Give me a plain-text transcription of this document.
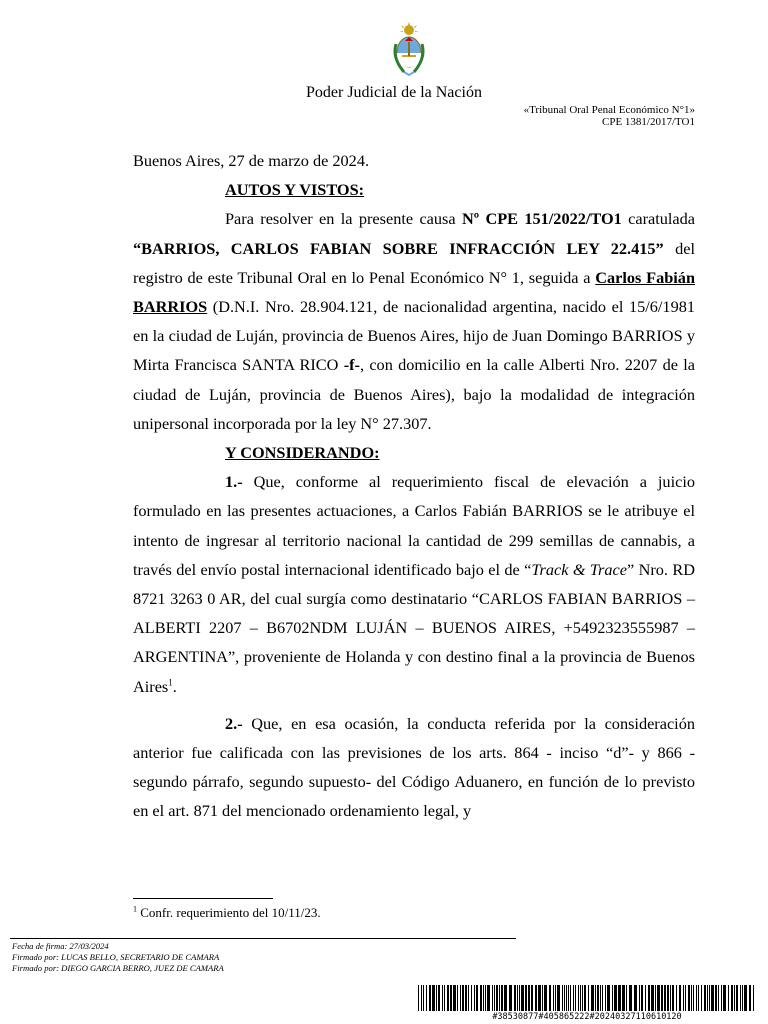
Poder Judicial de la Nación
«Tribunal Oral Penal Económico N°1»
CPE 1381/2017/TO1

Buenos Aires, 27 de marzo de 2024.

AUTOS Y VISTOS:

Para resolver en la presente causa Nº CPE 151/2022/TO1 caratulada “BARRIOS, CARLOS FABIAN SOBRE INFRACCIÓN LEY 22.415” del registro de este Tribunal Oral en lo Penal Económico N° 1, seguida a Carlos Fabián BARRIOS (D.N.I. Nro. 28.904.121, de nacionalidad argentina, nacido el 15/6/1981 en la ciudad de Luján, provincia de Buenos Aires, hijo de Juan Domingo BARRIOS y Mirta Francisca SANTA RICO -f-, con domicilio en la calle Alberti Nro. 2207 de la ciudad de Luján, provincia de Buenos Aires), bajo la modalidad de integración unipersonal incorporada por la ley N° 27.307.

Y CONSIDERANDO:

1.- Que, conforme al requerimiento fiscal de elevación a juicio formulado en las presentes actuaciones, a Carlos Fabián BARRIOS se le atribuye el intento de ingresar al territorio nacional la cantidad de 299 semillas de cannabis, a través del envío postal internacional identificado bajo el de “Track & Trace” Nro. RD 8721 3263 0 AR, del cual surgía como destinatario “CARLOS FABIAN BARRIOS – ALBERTI 2207 – B6702NDM LUJÁN – BUENOS AIRES, +5492323555987 – ARGENTINA”, proveniente de Holanda y con destino final a la provincia de Buenos Aires$^1$.

2.- Que, en esa ocasión, la conducta referida por la consideración anterior fue calificada con las previsiones de los arts. 864 - inciso “d”- y 866 -segundo párrafo, segundo supuesto- del Código Aduanero, en función de lo previsto en el art. 871 del mencionado ordenamiento legal, y

$^1$ Confr. requerimiento del 10/11/23.
Fecha de firma: 27/03/2024
Firmado por: LUCAS BELLO, SECRETARIO DE CAMARA
Firmado por: DIEGO GARCIA BERRO, JUEZ DE CAMARA
#38530877#405865222#20240327110610120
